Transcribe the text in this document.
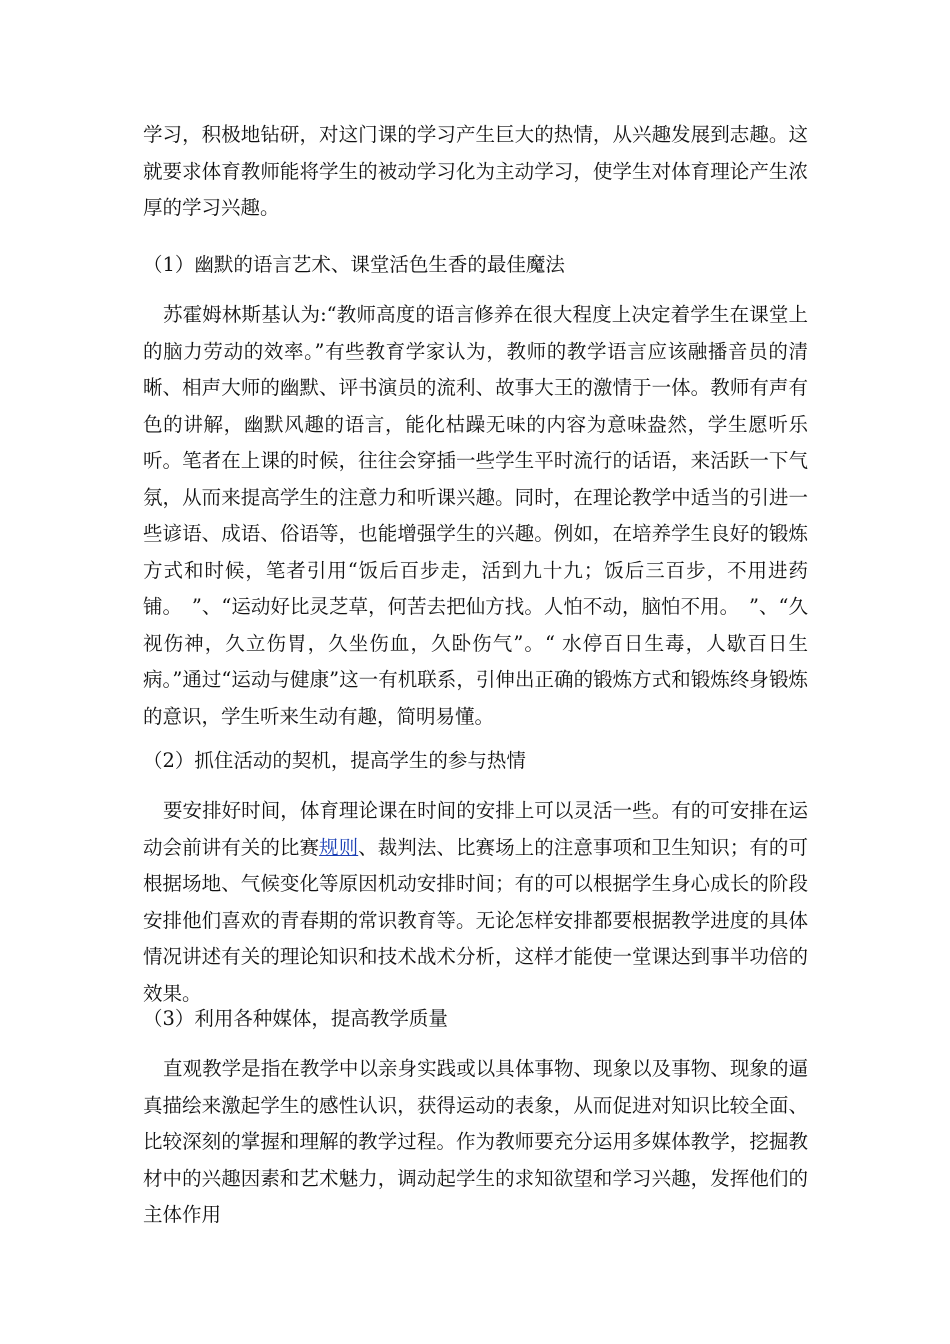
学习，积极地钻研，对这门课的学习产生巨大的热情，从兴趣发展到志趣。这就要求体育教师能将学生的被动学习化为主动学习，使学生对体育理论产生浓厚的学习兴趣。

（1）幽默的语言艺术、课堂活色生香的最佳魔法

苏霍姆林斯基认为:“教师高度的语言修养在很大程度上决定着学生在课堂上的脑力劳动的效率。”有些教育学家认为，教师的教学语言应该融播音员的清晰、相声大师的幽默、评书演员的流利、故事大王的激情于一体。教师有声有色的讲解，幽默风趣的语言，能化枯躁无味的内容为意味盎然，学生愿听乐听。笔者在上课的时候，往往会穿插一些学生平时流行的话语，来活跃一下气氛，从而来提高学生的注意力和听课兴趣。同时，在理论教学中适当的引进一些谚语、成语、俗语等，也能增强学生的兴趣。例如，在培养学生良好的锻炼方式和时候，笔者引用“饭后百步走，活到九十九；饭后三百步，不用进药铺。　”、“运动好比灵芝草，何苦去把仙方找。人怕不动，脑怕不用。　”、“久视伤神，久立伤胃，久坐伤血，久卧伤气”。“ 水停百日生毒，人歇百日生病。”通过“运动与健康”这一有机联系，引伸出正确的锻炼方式和锻炼终身锻炼的意识，学生听来生动有趣，简明易懂。

（2）抓住活动的契机，提高学生的参与热情

要安排好时间，体育理论课在时间的安排上可以灵活一些。有的可安排在运动会前讲有关的比赛规则、裁判法、比赛场上的注意事项和卫生知识；有的可根据场地、气候变化等原因机动安排时间；有的可以根据学生身心成长的阶段安排他们喜欢的青春期的常识教育等。无论怎样安排都要根据教学进度的具体情况讲述有关的理论知识和技术战术分析，这样才能使一堂课达到事半功倍的效果。

（3）利用各种媒体，提高教学质量

直观教学是指在教学中以亲身实践或以具体事物、现象以及事物、现象的逼真描绘来激起学生的感性认识，获得运动的表象，从而促进对知识比较全面、比较深刻的掌握和理解的教学过程。作为教师要充分运用多媒体教学，挖掘教材中的兴趣因素和艺术魅力，调动起学生的求知欲望和学习兴趣，发挥他们的主体作用
